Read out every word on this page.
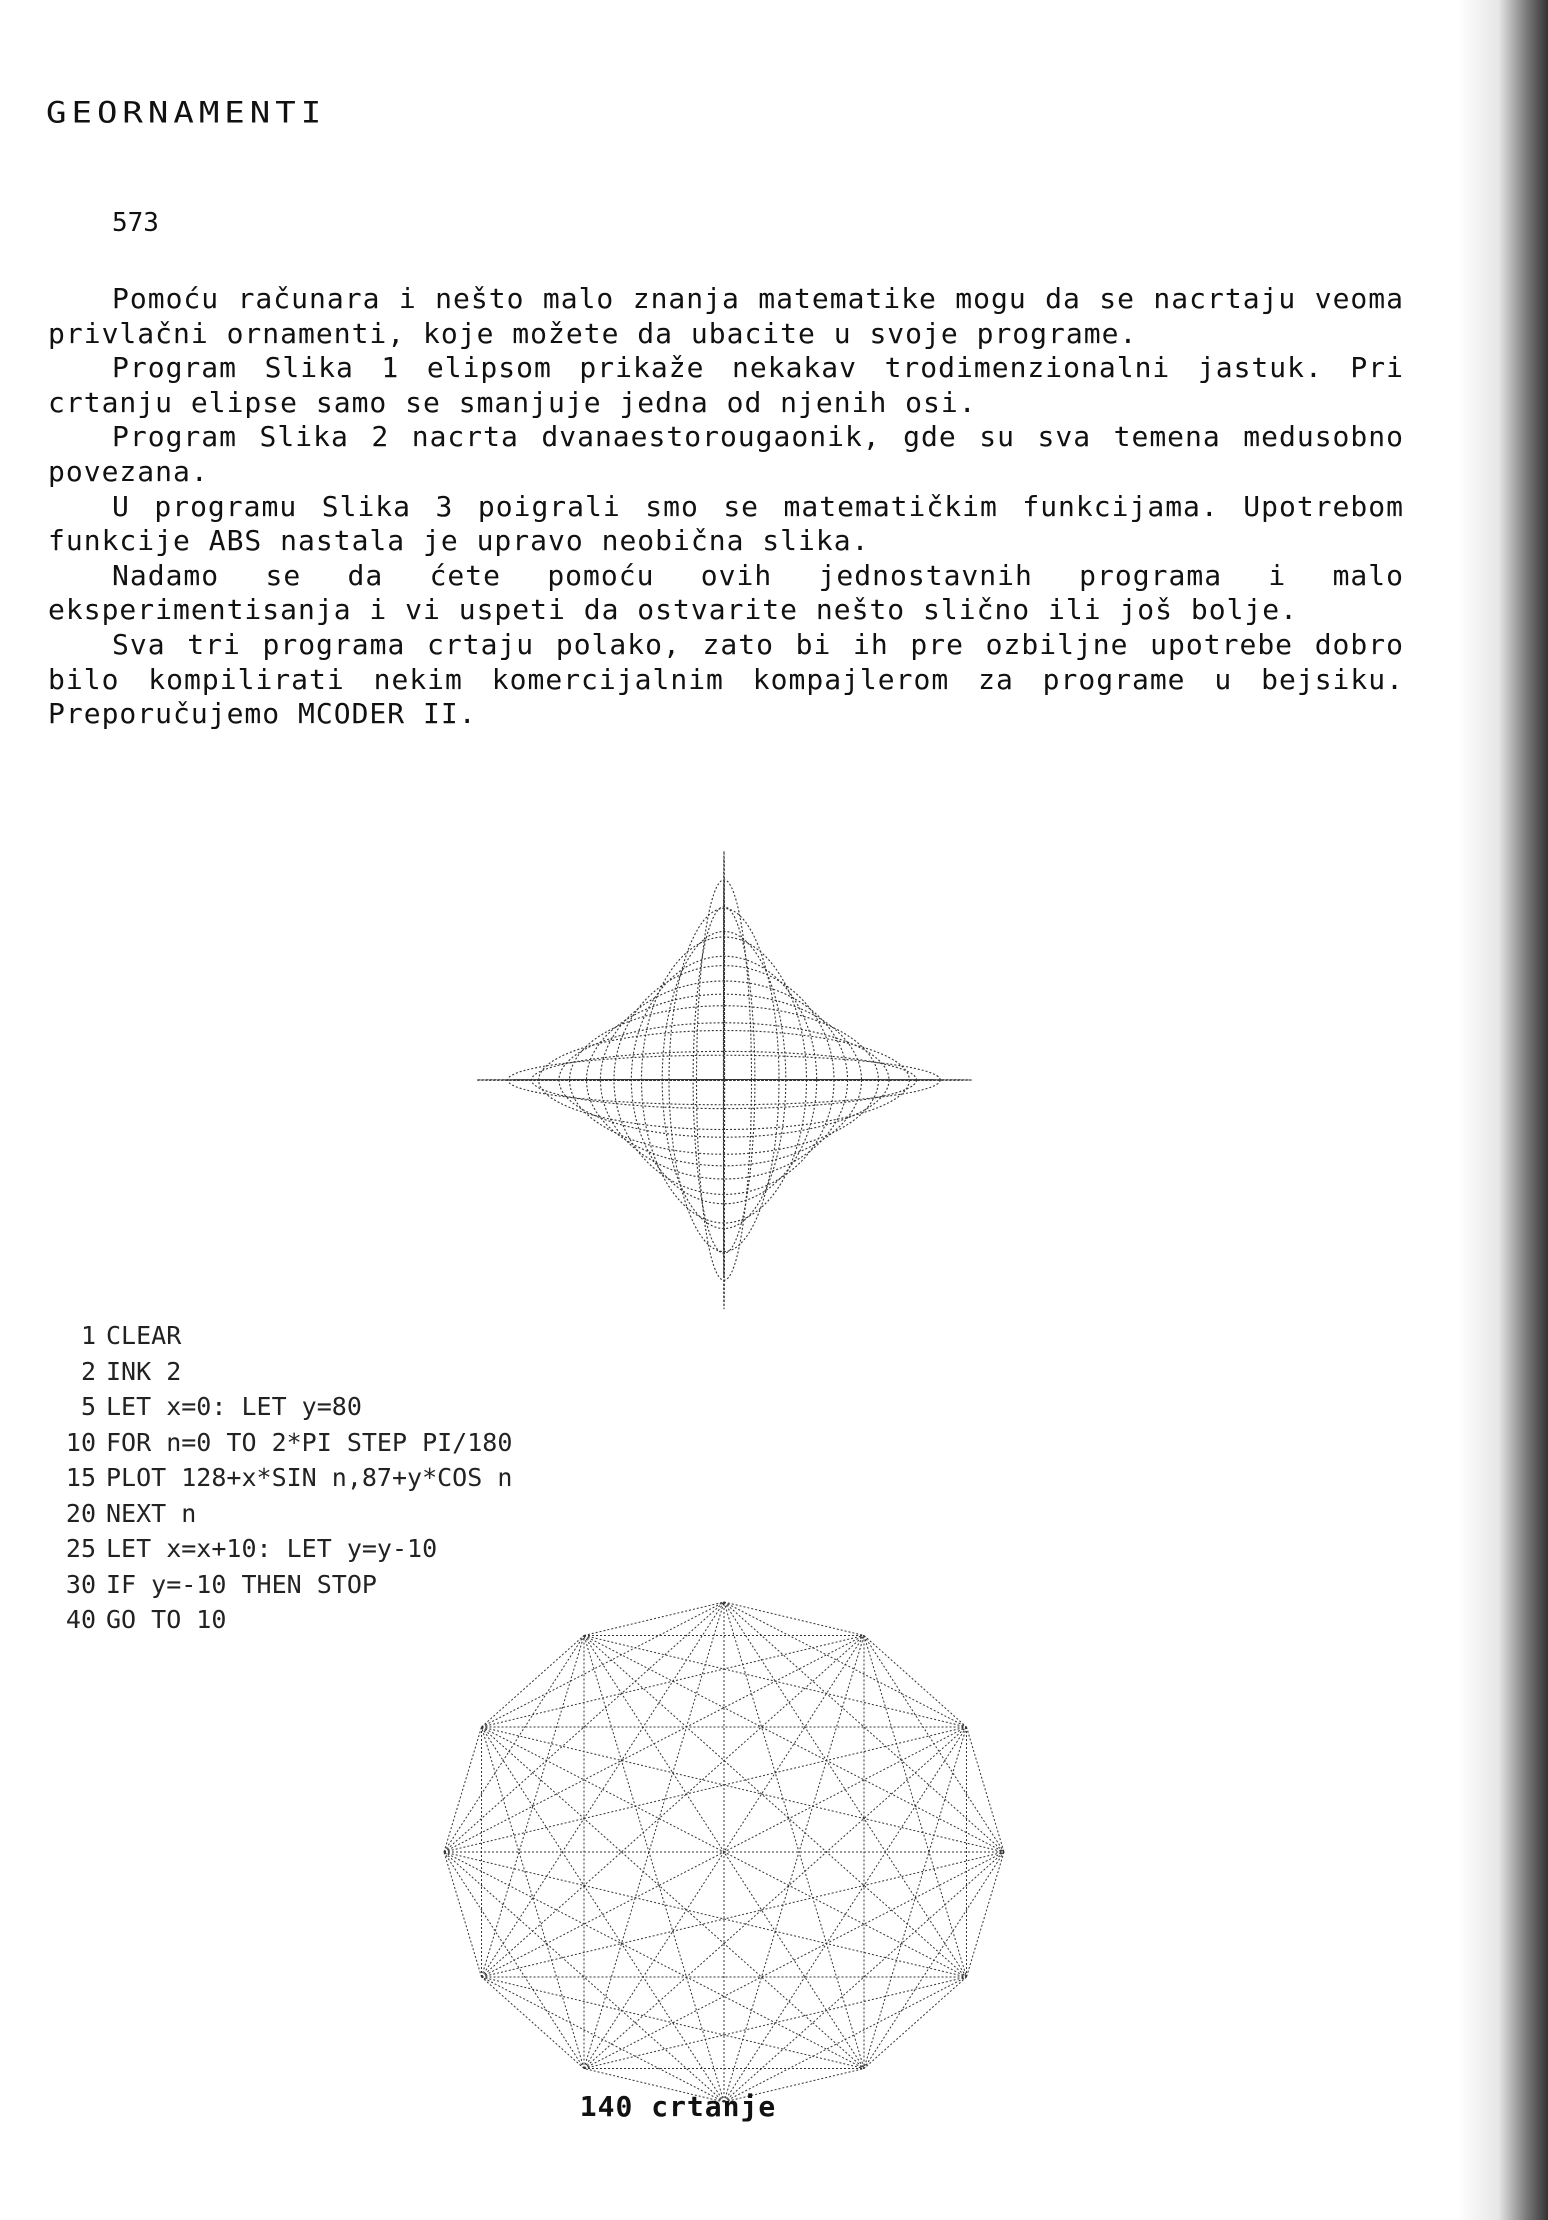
GEORNAMENTI
573

Pomoću računara i nešto malo znanja matematike mogu da se nacrtaju veoma privlačni ornamenti, koje možete da ubacite u svoje programe.

Program Slika 1 elipsom prikaže nekakav trodimenzionalni jastuk. Pri crtanju elipse samo se smanjuje jedna od njenih osi.

Program Slika 2 nacrta dvanaestorougaonik, gde su sva temena medusobno povezana.

U programu Slika 3 poigrali smo se matematičkim funkcijama. Upotrebom funkcije ABS nastala je upravo neobična slika.

Nadamo se da ćete pomoću ovih jednostavnih programa i malo eksperimentisanja i vi uspeti da ostvarite nešto slično ili još bolje.

Sva tri programa crtaju polako, zato bi ih pre ozbiljne upotrebe dobro bilo kompilirati nekim komercijalnim kompajlerom za programe u bejsiku. Preporučujemo MCODER II.

1 CLEAR
2 INK 2
5 LET x=0: LET y=80
10 FOR n=0 TO 2*PI STEP PI/180
15 PLOT 128+x*SIN n,87+y*COS n
20 NEXT n
25 LET x=x+10: LET y=y-10
30 IF y=-10 THEN STOP
40 GO TO 10
140 crtanje
